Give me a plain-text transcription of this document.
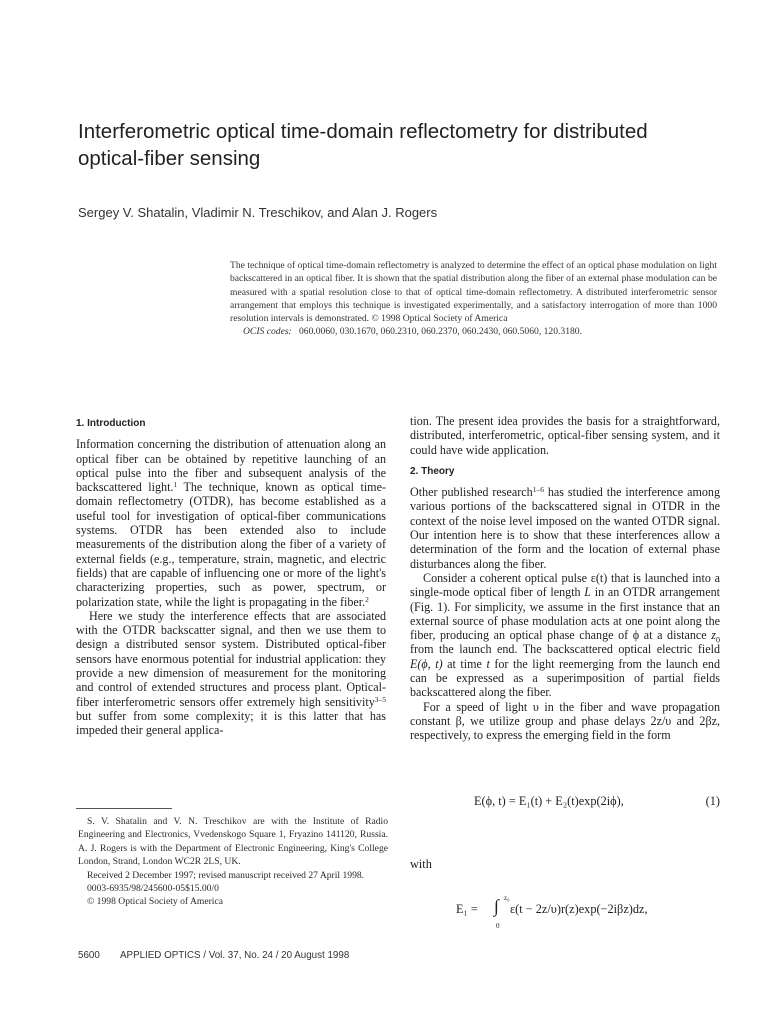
Interferometric optical time-domain reflectometry for distributed optical-fiber sensing
Sergey V. Shatalin, Vladimir N. Treschikov, and Alan J. Rogers
The technique of optical time-domain reflectometry is analyzed to determine the effect of an optical phase modulation on light backscattered in an optical fiber. It is shown that the spatial distribution along the fiber of an external phase modulation can be measured with a spatial resolution close to that of optical time-domain reflectometry. A distributed interferometric sensor arrangement that employs this technique is investigated experimentally, and a satisfactory interrogation of more than 1000 resolution intervals is demonstrated. © 1998 Optical Society of America
OCIS codes: 060.0060, 030.1670, 060.2310, 060.2370, 060.2430, 060.5060, 120.3180.
1. Introduction

Information concerning the distribution of attenuation along an optical fiber can be obtained by repetitive launching of an optical pulse into the fiber and subsequent analysis of the backscattered light.$^1$ The technique, known as optical time-domain reflectometry (OTDR), has become established as a useful tool for investigation of optical-fiber communications systems. OTDR has been extended also to include measurements of the distribution along the fiber of a variety of external fields (e.g., temperature, strain, magnetic, and electric fields) that are capable of influencing one or more of the light's characterizing properties, such as power, spectrum, or polarization state, while the light is propagating in the fiber.$^2$

Here we study the interference effects that are associated with the OTDR backscatter signal, and then we use them to design a distributed sensor system. Distributed optical-fiber sensors have enormous potential for industrial application: they provide a new dimension of measurement for the monitoring and control of extended structures and process plant. Optical-fiber interferometric sensors offer extremely high sensitivity$^{3-5}$ but suffer from some complexity; it is this latter that has impeded their general applica-

S. V. Shatalin and V. N. Treschikov are with the Institute of Radio Engineering and Electronics, Vvedenskogo Square 1, Fryazino 141120, Russia. A. J. Rogers is with the Department of Electronic Engineering, King's College London, Strand, London WC2R 2LS, UK.

Received 2 December 1997; revised manuscript received 27 April 1998.

0003-6935/98/245600-05$15.00/0

© 1998 Optical Society of America

tion. The present idea provides the basis for a straightforward, distributed, interferometric, optical-fiber sensing system, and it could have wide application.

2. Theory

Other published research$^{1-6}$ has studied the interference among various portions of the backscattered signal in OTDR in the context of the noise level imposed on the wanted OTDR signal. Our intention here is to show that these interferences allow a determination of the form and the location of external phase disturbances along the fiber.

Consider a coherent optical pulse ε(t) that is launched into a single-mode optical fiber of length L in an OTDR arrangement (Fig. 1). For simplicity, we assume in the first instance that an external source of phase modulation acts at one point along the fiber, producing an optical phase change of ϕ at a distance $z_0$ from the launch end. The backscattered optical electric field E(ϕ, t) at time t for the light reemerging from the launch end can be expressed as a superimposition of partial fields backscattered along the fiber.

For a speed of light υ in the fiber and wave propagation constant β, we utilize group and phase delays 2z/υ and 2βz, respectively, to express the emerging field in the form

E(ϕ, t) = E₁(t) + E₂(t)exp(2iϕ),	(1)
with
E₁ = ∫ z₀
0
ε(t − 2z/υ)r(z)exp(−2iβz)dz,
5600 APPLIED OPTICS / Vol. 37, No. 24 / 20 August 1998
